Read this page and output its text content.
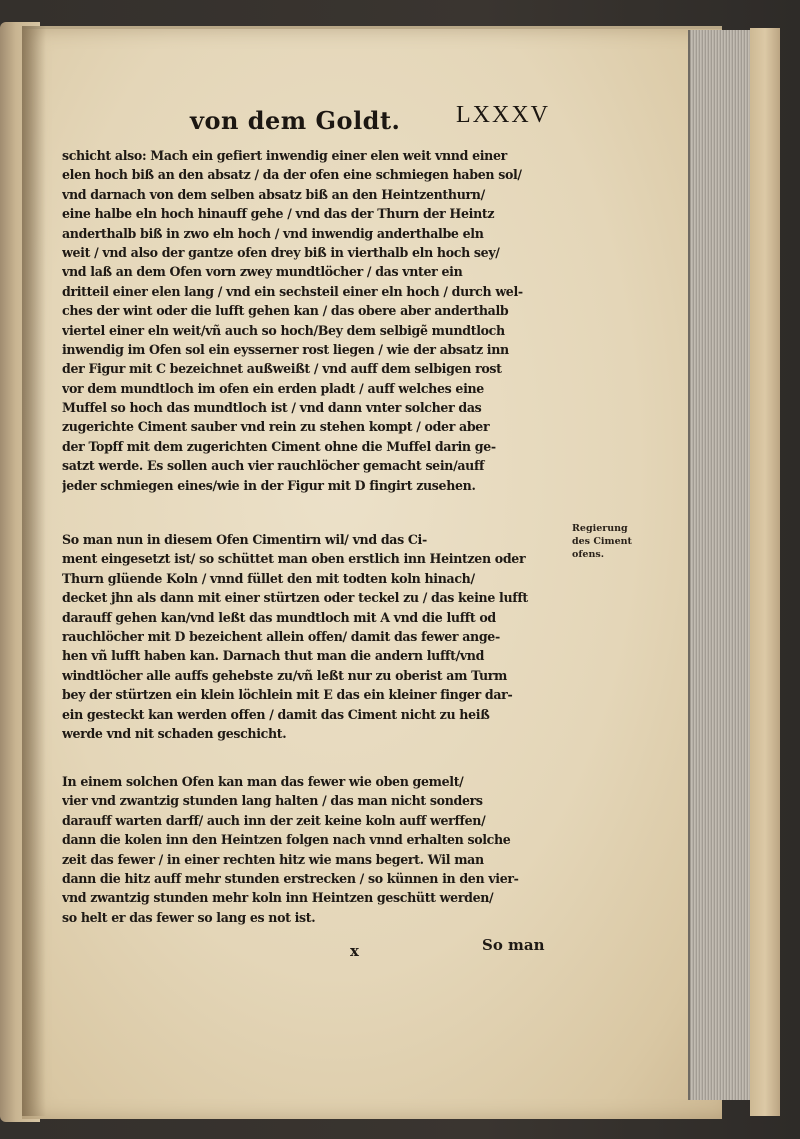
von dem Goldt. LXXXV
schicht also: Mach ein gefiert inwendig einer elen weit vnnd einer
elen hoch biß an den absatz / da der ofen eine schmiegen haben sol/
vnd darnach von dem selben absatz biß an den Heintzenthurn/
eine halbe eln hoch hinauff gehe / vnd das der Thurn der Heintz
anderthalb biß in zwo eln hoch / vnd inwendig anderthalbe eln
weit / vnd also der gantze ofen drey biß in vierthalb eln hoch sey/
vnd laß an dem Ofen vorn zwey mundtlöcher / das vnter ein
dritteil einer elen lang / vnd ein sechsteil einer eln hoch / durch wel-
ches der wint oder die lufft gehen kan / das obere aber anderthalb
viertel einer eln weit/vñ auch so hoch/Bey dem selbigẽ mundtloch
inwendig im Ofen sol ein eysserner rost liegen / wie der absatz inn
der Figur mit C bezeichnet außweißt / vnd auff dem selbigen rost
vor dem mundtloch im ofen ein erden pladt / auff welches eine
Muffel so hoch das mundtloch ist / vnd dann vnter solcher das
zugerichte Ciment sauber vnd rein zu stehen kompt / oder aber
der Topff mit dem zugerichten Ciment ohne die Muffel darin ge-
satzt werde. Es sollen auch vier rauchlöcher gemacht sein/auff
jeder schmiegen eines/wie in der Figur mit D fingirt zusehen.
So man nun in diesem Ofen Cimentirn wil/ vnd das Ci-
ment eingesetzt ist/ so schüttet man oben erstlich inn Heintzen oder
Thurn glüende Koln / vnnd füllet den mit todten koln hinach/
decket jhn als dann mit einer stürtzen oder teckel zu / das keine lufft
darauff gehen kan/vnd leßt das mundtloch mit A vnd die lufft od
rauchlöcher mit D bezeichent allein offen/ damit das fewer ange-
hen vñ lufft haben kan. Darnach thut man die andern lufft/vnd
windtlöcher alle auffs gehebste zu/vñ leßt nur zu oberist am Turm
bey der stürtzen ein klein löchlein mit E das ein kleiner finger dar-
ein gesteckt kan werden offen / damit das Ciment nicht zu heiß
werde vnd nit schaden geschicht.
Regierung
des Ciment
ofens.
In einem solchen Ofen kan man das fewer wie oben gemelt/
vier vnd zwantzig stunden lang halten / das man nicht sonders
darauff warten darff/ auch inn der zeit keine koln auff werffen/
dann die kolen inn den Heintzen folgen nach vnnd erhalten solche
zeit das fewer / in einer rechten hitz wie mans begert. Wil man
dann die hitz auff mehr stunden erstrecken / so künnen in den vier-
vnd zwantzig stunden mehr koln inn Heintzen geschütt werden/
so helt er das fewer so lang es not ist.
x	So man
